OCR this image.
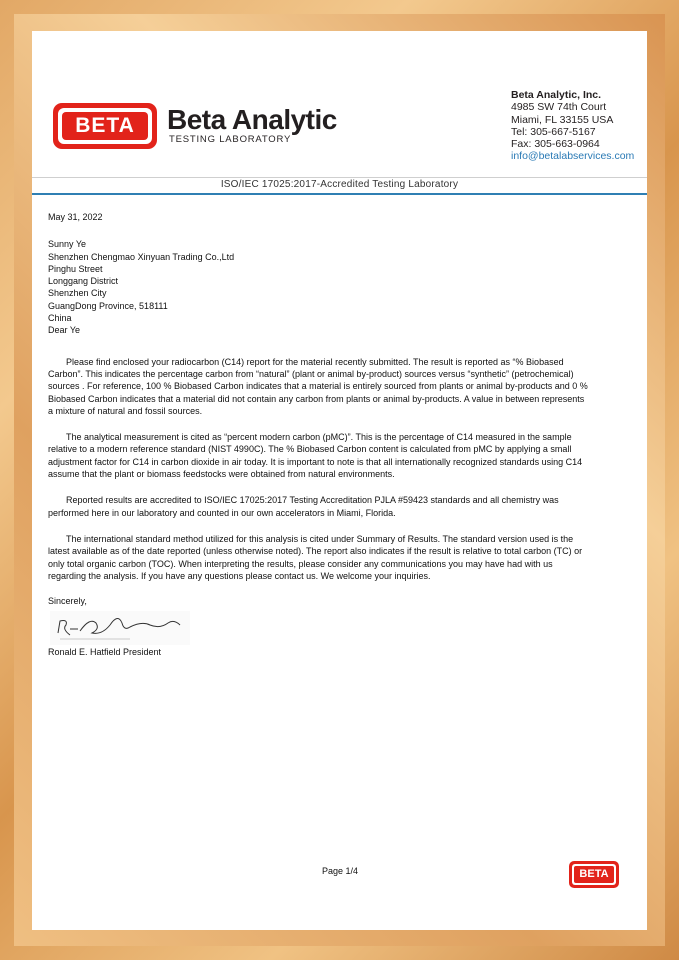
BETA	Beta Analytic
TESTING LABORATORY
Beta Analytic, Inc.
4985 SW 74th Court
Miami, FL 33155 USA
Tel: 305-667-5167
Fax: 305-663-0964
info@betalabservices.com
ISO/IEC 17025:2017-Accredited Testing Laboratory
May 31, 2022
Sunny Ye
Shenzhen Chengmao Xinyuan Trading Co.,Ltd
Pinghu Street
Longgang District
Shenzhen City
GuangDong Province, 518111
China
Dear Ye

Please find enclosed your radiocarbon (C14) report for the material recently submitted. The result is reported as “% Biobased Carbon”. This indicates the percentage carbon from “natural” (plant or animal by-product) sources versus “synthetic” (petrochemical) sources . For reference, 100 % Biobased Carbon indicates that a material is entirely sourced from plants or animal by-products and 0 % Biobased Carbon indicates that a material did not contain any carbon from plants or animal by-products. A value in between represents a mixture of natural and fossil sources.

The analytical measurement is cited as “percent modern carbon (pMC)”. This is the percentage of C14 measured in the sample relative to a modern reference standard (NIST 4990C). The % Biobased Carbon content is calculated from pMC by applying a small adjustment factor for C14 in carbon dioxide in air today. It is important to note is that all internationally recognized standards using C14 assume that the plant or biomass feedstocks were obtained from natural environments.

Reported results are accredited to ISO/IEC 17025:2017 Testing Accreditation PJLA #59423 standards and all chemistry was performed here in our laboratory and counted in our own accelerators in Miami, Florida.

The international standard method utilized for this analysis is cited under Summary of Results. The standard version used is the latest available as of the date reported (unless otherwise noted). The report also indicates if the result is relative to total carbon (TC) or only total organic carbon (TOC). When interpreting the results, please consider any communications you may have had with us regarding the analysis. If you have any questions please contact us. We welcome your inquiries.

Sincerely,
Ronald E. Hatfield President
Page 1/4	BETA
